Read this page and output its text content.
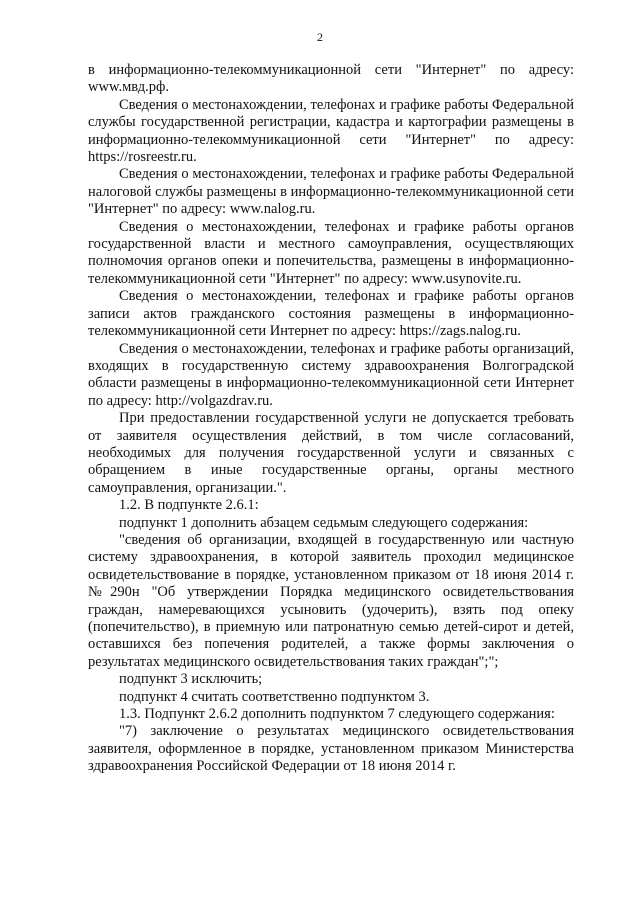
2

в информационно-телекоммуникационной сети "Интернет" по адресу: www.мвд.рф.

Сведения о местонахождении, телефонах и графике работы Федеральной службы государственной регистрации, кадастра и картографии размещены в информационно-телекоммуникационной сети "Интернет" по адресу: https://rosreestr.ru.

Сведения о местонахождении, телефонах и графике работы Федеральной налоговой службы размещены в информационно-телекоммуникационной сети "Интернет" по адресу: www.nalog.ru.

Сведения о местонахождении, телефонах и графике работы органов государственной власти и местного самоуправления, осуществляющих полномочия органов опеки и попечительства, размещены в информационно-телекоммуникационной сети "Интернет" по адресу: www.usynovite.ru.

Сведения о местонахождении, телефонах и графике работы органов записи актов гражданского состояния размещены в информационно-телекоммуникационной сети Интернет по адресу: https://zags.nalog.ru.

Сведения о местонахождении, телефонах и графике работы организаций, входящих в государственную систему здравоохранения Волгоградской области размещены в информационно-телекоммуникационной сети Интернет по адресу: http://volgazdrav.ru.

При предоставлении государственной услуги не допускается требовать от заявителя осуществления действий, в том числе согласований, необходимых для получения государственной услуги и связанных с обращением в иные государственные органы, органы местного самоуправления, организации.".

1.2. В подпункте 2.6.1:

подпункт 1 дополнить абзацем седьмым следующего содержания:

"сведения об организации, входящей в государственную или частную систему здравоохранения, в которой заявитель проходил медицинское освидетельствование в порядке, установленном приказом от 18 июня 2014 г. №290н "Об утверждении Порядка медицинского освидетельствования граждан, намеревающихся усыновить (удочерить), взять под опеку (попечительство), в приемную или патронатную семью детей-сирот и детей, оставшихся без попечения родителей, а также формы заключения о результатах медицинского освидетельствования таких граждан";";

подпункт 3 исключить;

подпункт 4 считать соответственно подпунктом 3.

1.3. Подпункт 2.6.2 дополнить подпунктом 7 следующего содержания:

"7) заключение о результатах медицинского освидетельствования заявителя, оформленное в порядке, установленном приказом Министерства здравоохранения Российской Федерации от 18 июня 2014 г.
